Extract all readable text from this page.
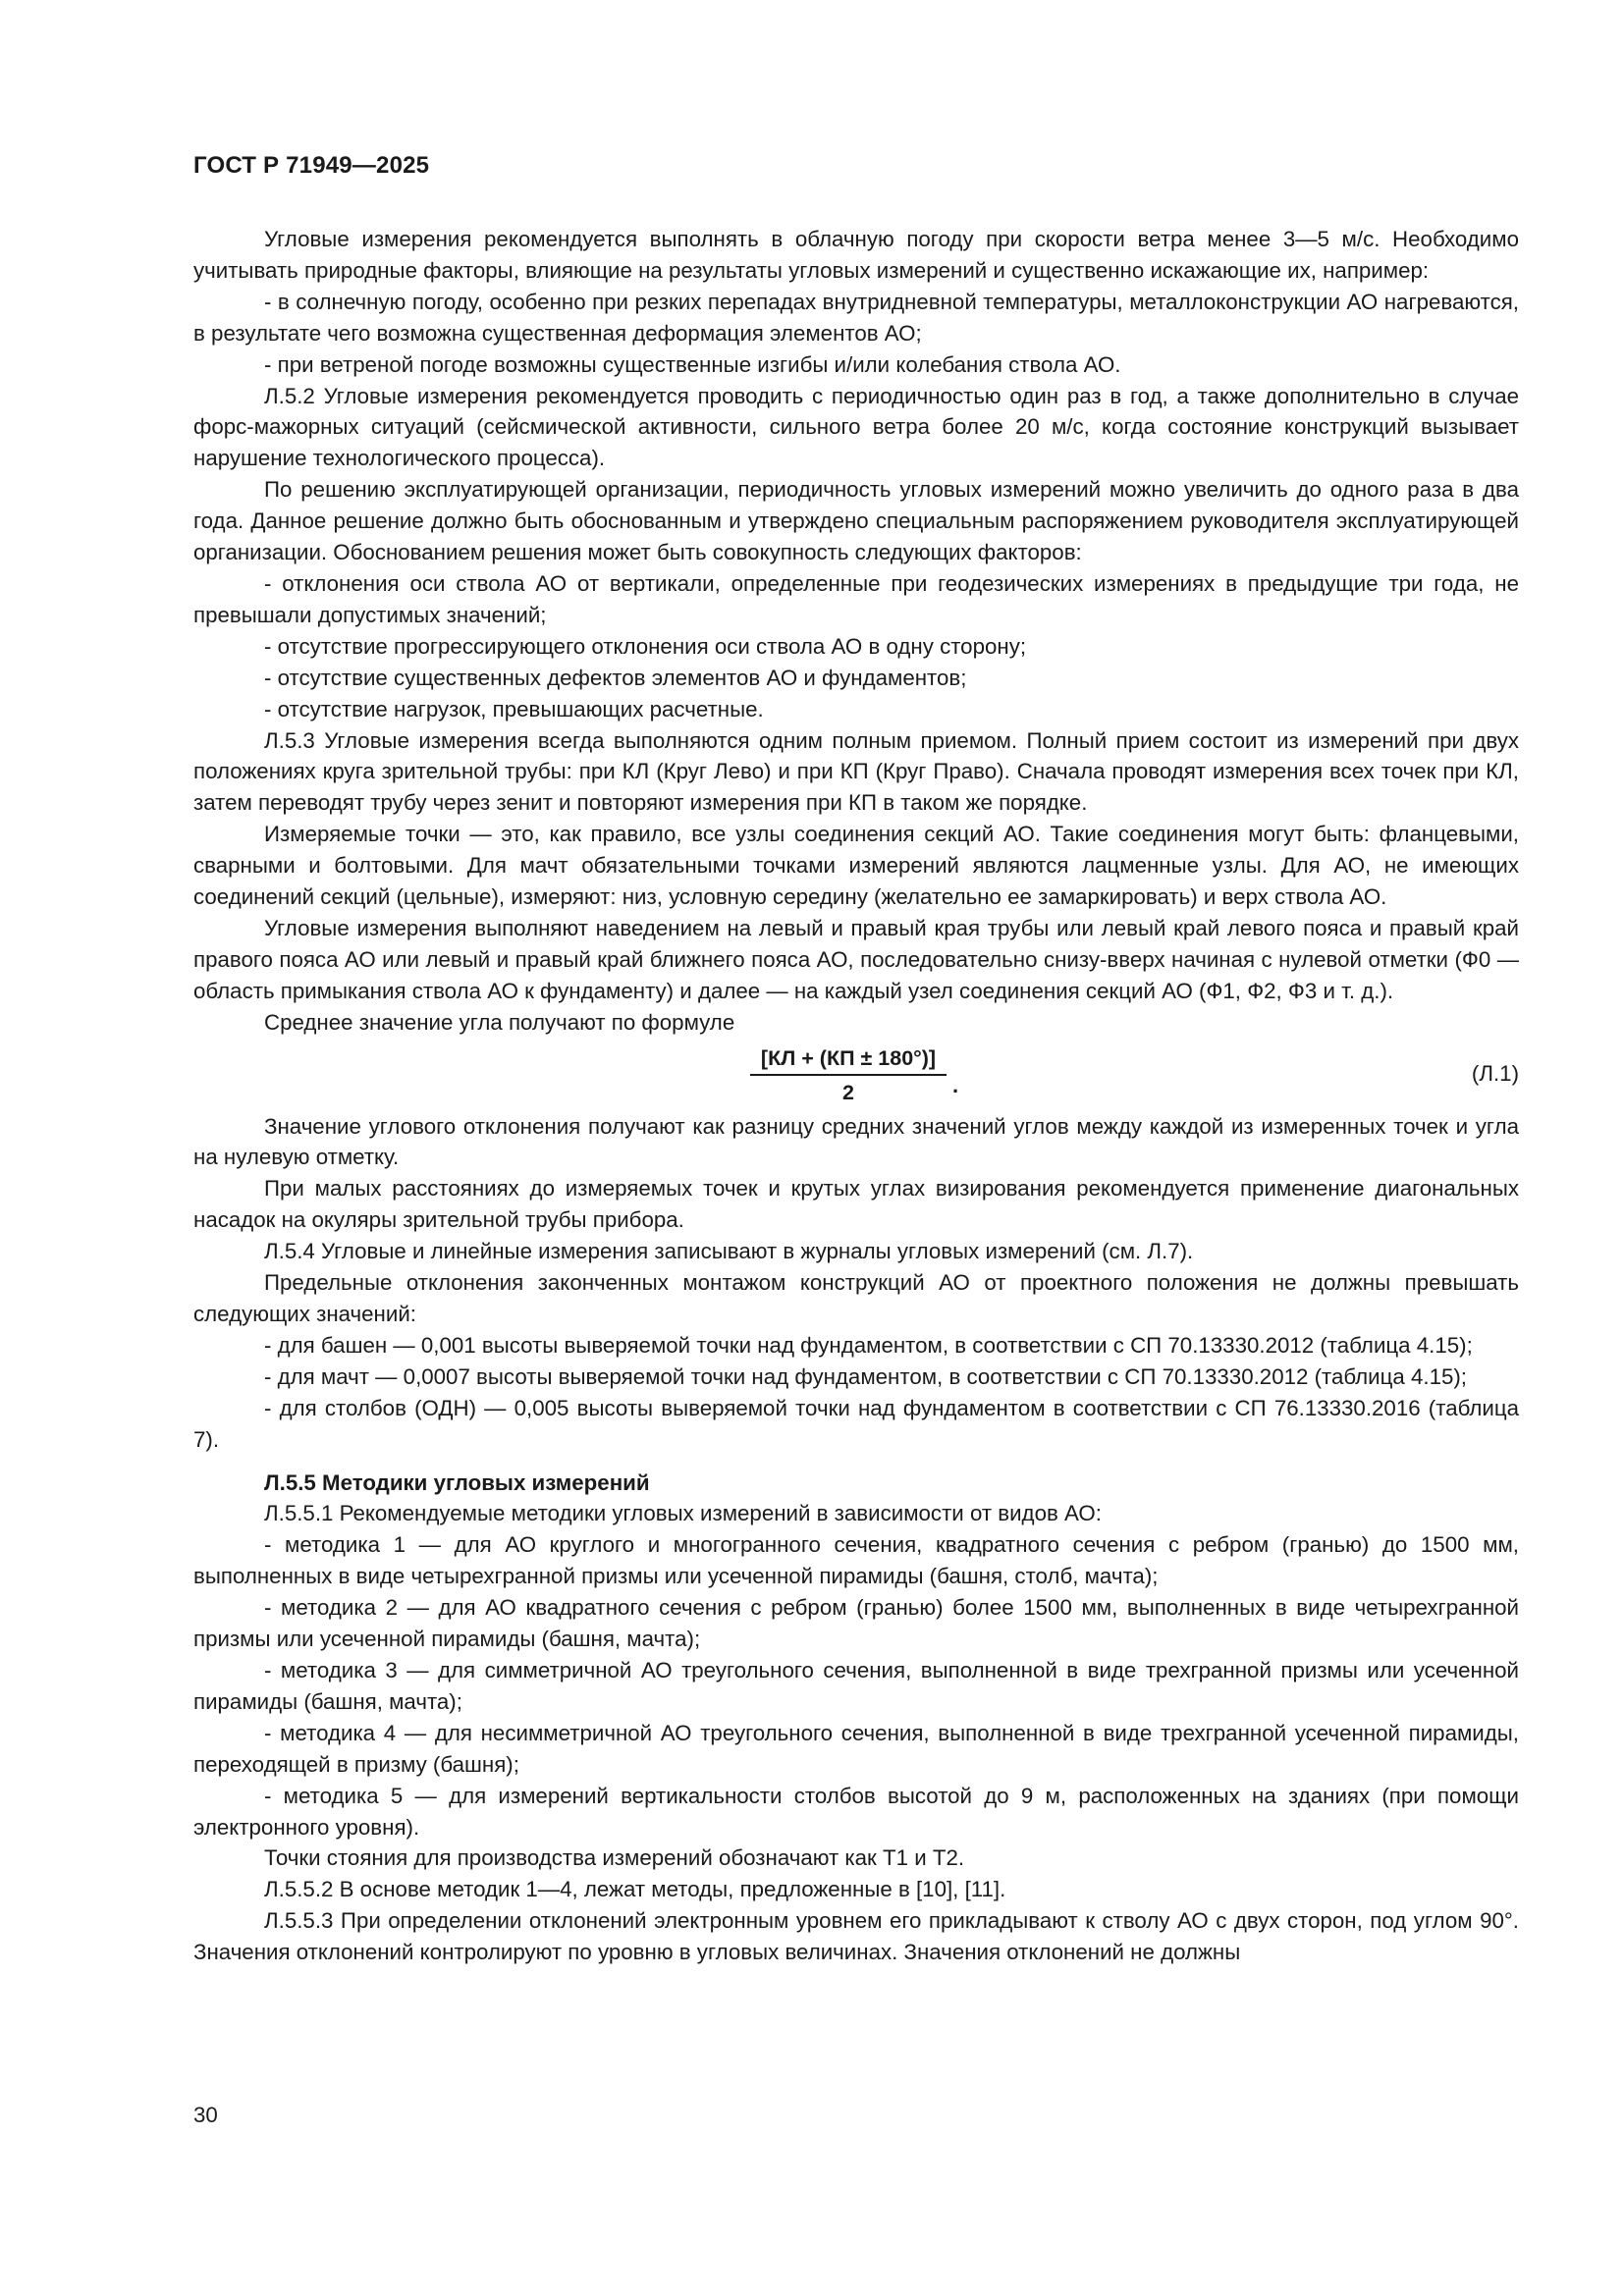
ГОСТ Р 71949—2025

Угловые измерения рекомендуется выполнять в облачную погоду при скорости ветра менее 3—5 м/с. Необходимо учитывать природные факторы, влияющие на результаты угловых измерений и существенно искажающие их, например:

- в солнечную погоду, особенно при резких перепадах внутридневной температуры, металлоконструкции АО нагреваются, в результате чего возможна существенная деформация элементов АО;

- при ветреной погоде возможны существенные изгибы и/или колебания ствола АО.

Л.5.2 Угловые измерения рекомендуется проводить с периодичностью один раз в год, а также дополнительно в случае форс-мажорных ситуаций (сейсмической активности, сильного ветра более 20 м/с, когда состояние конструкций вызывает нарушение технологического процесса).

По решению эксплуатирующей организации, периодичность угловых измерений можно увеличить до одного раза в два года. Данное решение должно быть обоснованным и утверждено специальным распоряжением руководителя эксплуатирующей организации. Обоснованием решения может быть совокупность следующих факторов:

- отклонения оси ствола АО от вертикали, определенные при геодезических измерениях в предыдущие три года, не превышали допустимых значений;

- отсутствие прогрессирующего отклонения оси ствола АО в одну сторону;

- отсутствие существенных дефектов элементов АО и фундаментов;

- отсутствие нагрузок, превышающих расчетные.

Л.5.3 Угловые измерения всегда выполняются одним полным приемом. Полный прием состоит из измерений при двух положениях круга зрительной трубы: при КЛ (Круг Лево) и при КП (Круг Право). Сначала проводят измерения всех точек при КЛ, затем переводят трубу через зенит и повторяют измерения при КП в таком же порядке.

Измеряемые точки — это, как правило, все узлы соединения секций АО. Такие соединения могут быть: фланцевыми, сварными и болтовыми. Для мачт обязательными точками измерений являются лацменные узлы. Для АО, не имеющих соединений секций (цельные), измеряют: низ, условную середину (желательно ее замаркировать) и верх ствола АО.

Угловые измерения выполняют наведением на левый и правый края трубы или левый край левого пояса и правый край правого пояса АО или левый и правый край ближнего пояса АО, последовательно снизу-вверх начиная с нулевой отметки (Ф0 — область примыкания ствола АО к фундаменту) и далее — на каждый узел соединения секций АО (Ф1, Ф2, Ф3 и т. д.).

Среднее значение угла получают по формуле

[КЛ + (КП ± 180°)]
2	.	(Л.1)

Значение углового отклонения получают как разницу средних значений углов между каждой из измеренных точек и угла на нулевую отметку.

При малых расстояниях до измеряемых точек и крутых углах визирования рекомендуется применение диагональных насадок на окуляры зрительной трубы прибора.

Л.5.4 Угловые и линейные измерения записывают в журналы угловых измерений (см. Л.7).

Предельные отклонения законченных монтажом конструкций АО от проектного положения не должны превышать следующих значений:

- для башен — 0,001 высоты выверяемой точки над фундаментом, в соответствии с СП 70.13330.2012 (таблица 4.15);

- для мачт — 0,0007 высоты выверяемой точки над фундаментом, в соответствии с СП 70.13330.2012 (таблица 4.15);

- для столбов (ОДН) — 0,005 высоты выверяемой точки над фундаментом в соответствии с СП 76.13330.2016 (таблица 7).

Л.5.5 Методики угловых измерений

Л.5.5.1 Рекомендуемые методики угловых измерений в зависимости от видов АО:

- методика 1 — для АО круглого и многогранного сечения, квадратного сечения с ребром (гранью) до 1500 мм, выполненных в виде четырехгранной призмы или усеченной пирамиды (башня, столб, мачта);

- методика 2 — для АО квадратного сечения с ребром (гранью) более 1500 мм, выполненных в виде четырехгранной призмы или усеченной пирамиды (башня, мачта);

- методика 3 — для симметричной АО треугольного сечения, выполненной в виде трехгранной призмы или усеченной пирамиды (башня, мачта);

- методика 4 — для несимметричной АО треугольного сечения, выполненной в виде трехгранной усеченной пирамиды, переходящей в призму (башня);

- методика 5 — для измерений вертикальности столбов высотой до 9 м, расположенных на зданиях (при помощи электронного уровня).

Точки стояния для производства измерений обозначают как Т1 и Т2.

Л.5.5.2 В основе методик 1—4, лежат методы, предложенные в [10], [11].

Л.5.5.3 При определении отклонений электронным уровнем его прикладывают к стволу АО с двух сторон, под углом 90°. Значения отклонений контролируют по уровню в угловых величинах. Значения отклонений не должны

30
